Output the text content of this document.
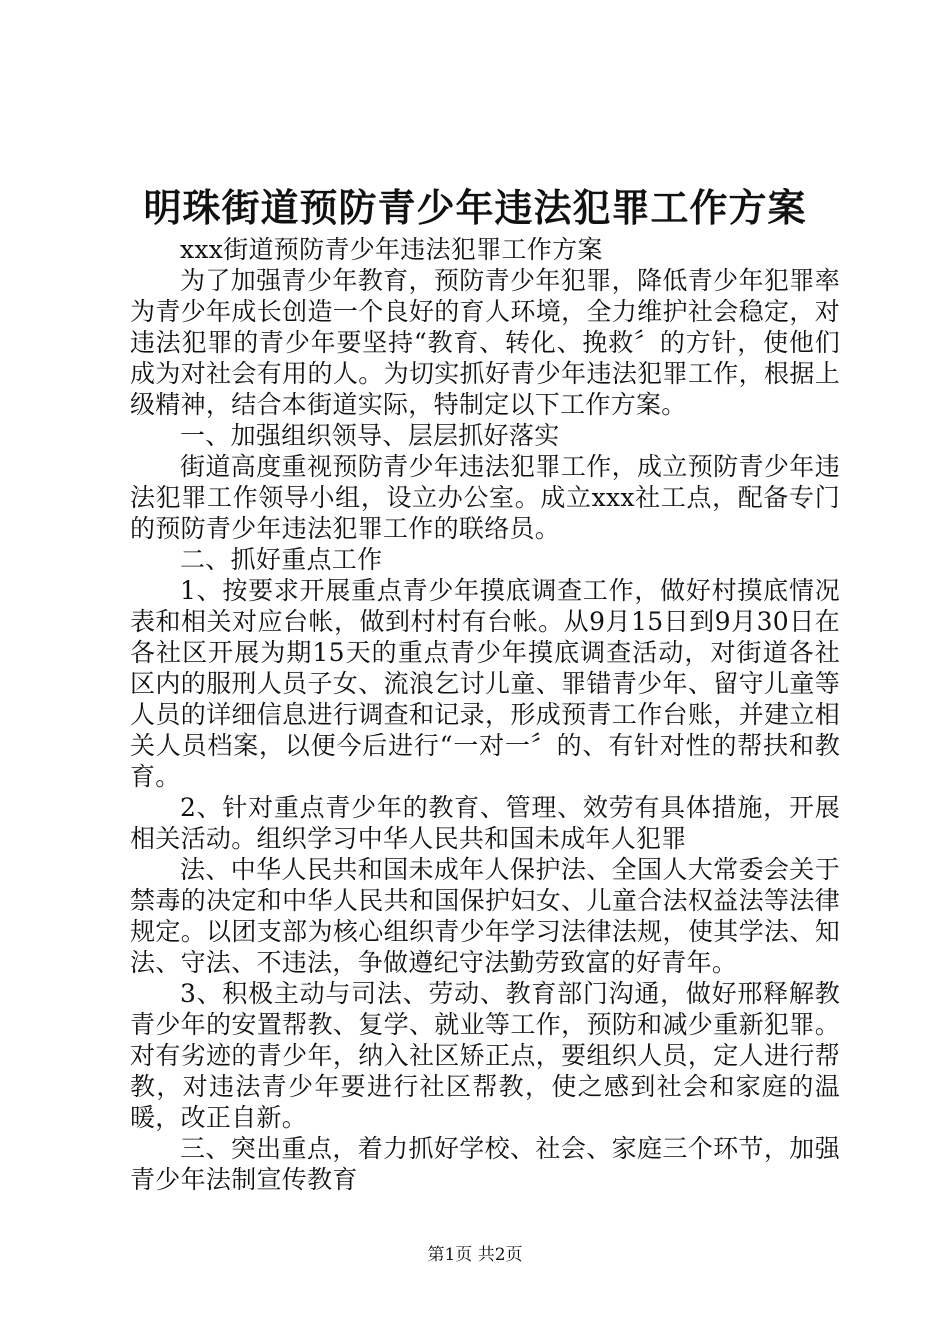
明珠街道预防青少年违法犯罪工作方案

xxx街道预防青少年违法犯罪工作方案

为了加强青少年教育，预防青少年犯罪，降低青少年犯罪率为青少年成长创造一个良好的育人环境，全力维护社会稳定，对违法犯罪的青少年要坚持“教育、转化、挽救〞的方针，使他们成为对社会有用的人。为切实抓好青少年违法犯罪工作，根据上级精神，结合本街道实际，特制定以下工作方案。

一、加强组织领导、层层抓好落实

街道高度重视预防青少年违法犯罪工作，成立预防青少年违法犯罪工作领导小组，设立办公室。成立xxx社工点，配备专门的预防青少年违法犯罪工作的联络员。

二、抓好重点工作

1、按要求开展重点青少年摸底调查工作，做好村摸底情况表和相关对应台帐，做到村村有台帐。从9月15日到9月30日在各社区开展为期15天的重点青少年摸底调查活动，对街道各社区内的服刑人员子女、流浪乞讨儿童、罪错青少年、留守儿童等人员的详细信息进行调查和记录，形成预青工作台账，并建立相关人员档案，以便今后进行“一对一〞的、有针对性的帮扶和教育。

2、针对重点青少年的教育、管理、效劳有具体措施，开展相关活动。组织学习中华人民共和国未成年人犯罪

法、中华人民共和国未成年人保护法、全国人大常委会关于禁毒的决定和中华人民共和国保护妇女、儿童合法权益法等法律规定。以团支部为核心组织青少年学习法律法规，使其学法、知法、守法、不违法，争做遵纪守法勤劳致富的好青年。

3、积极主动与司法、劳动、教育部门沟通，做好邢释解教青少年的安置帮教、复学、就业等工作，预防和减少重新犯罪。对有劣迹的青少年，纳入社区矫正点，要组织人员，定人进行帮教，对违法青少年要进行社区帮教，使之感到社会和家庭的温暖，改正自新。

三、突出重点，着力抓好学校、社会、家庭三个环节，加强青少年法制宣传教育

第1页 共2页
